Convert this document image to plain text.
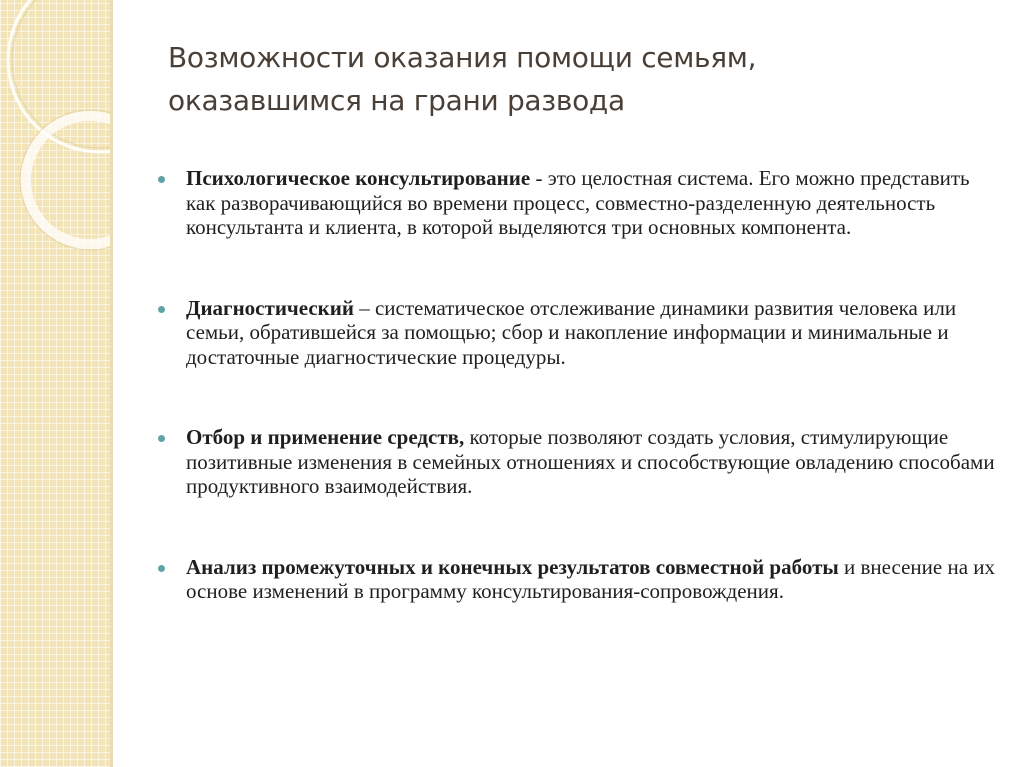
Возможности оказания помощи семьям,
оказавшимся на грани развода
Психологическое консультирование - это целостная система. Его можно представить как разворачивающийся во времени процесс, совместно-разделенную деятельность консультанта и клиента, в которой выделяются три основных компонента.
Диагностический – систематическое отслеживание динамики развития человека или семьи, обратившейся за помощью; сбор и накопление информации и минимальные и достаточные диагностические процедуры.
Отбор и применение средств, которые позволяют создать условия, стимулирующие позитивные изменения в семейных отношениях и способствующие овладению способами продуктивного взаимодействия.
Анализ промежуточных и конечных результатов совместной работы и внесение на их основе изменений в программу консультирования-сопровождения.
